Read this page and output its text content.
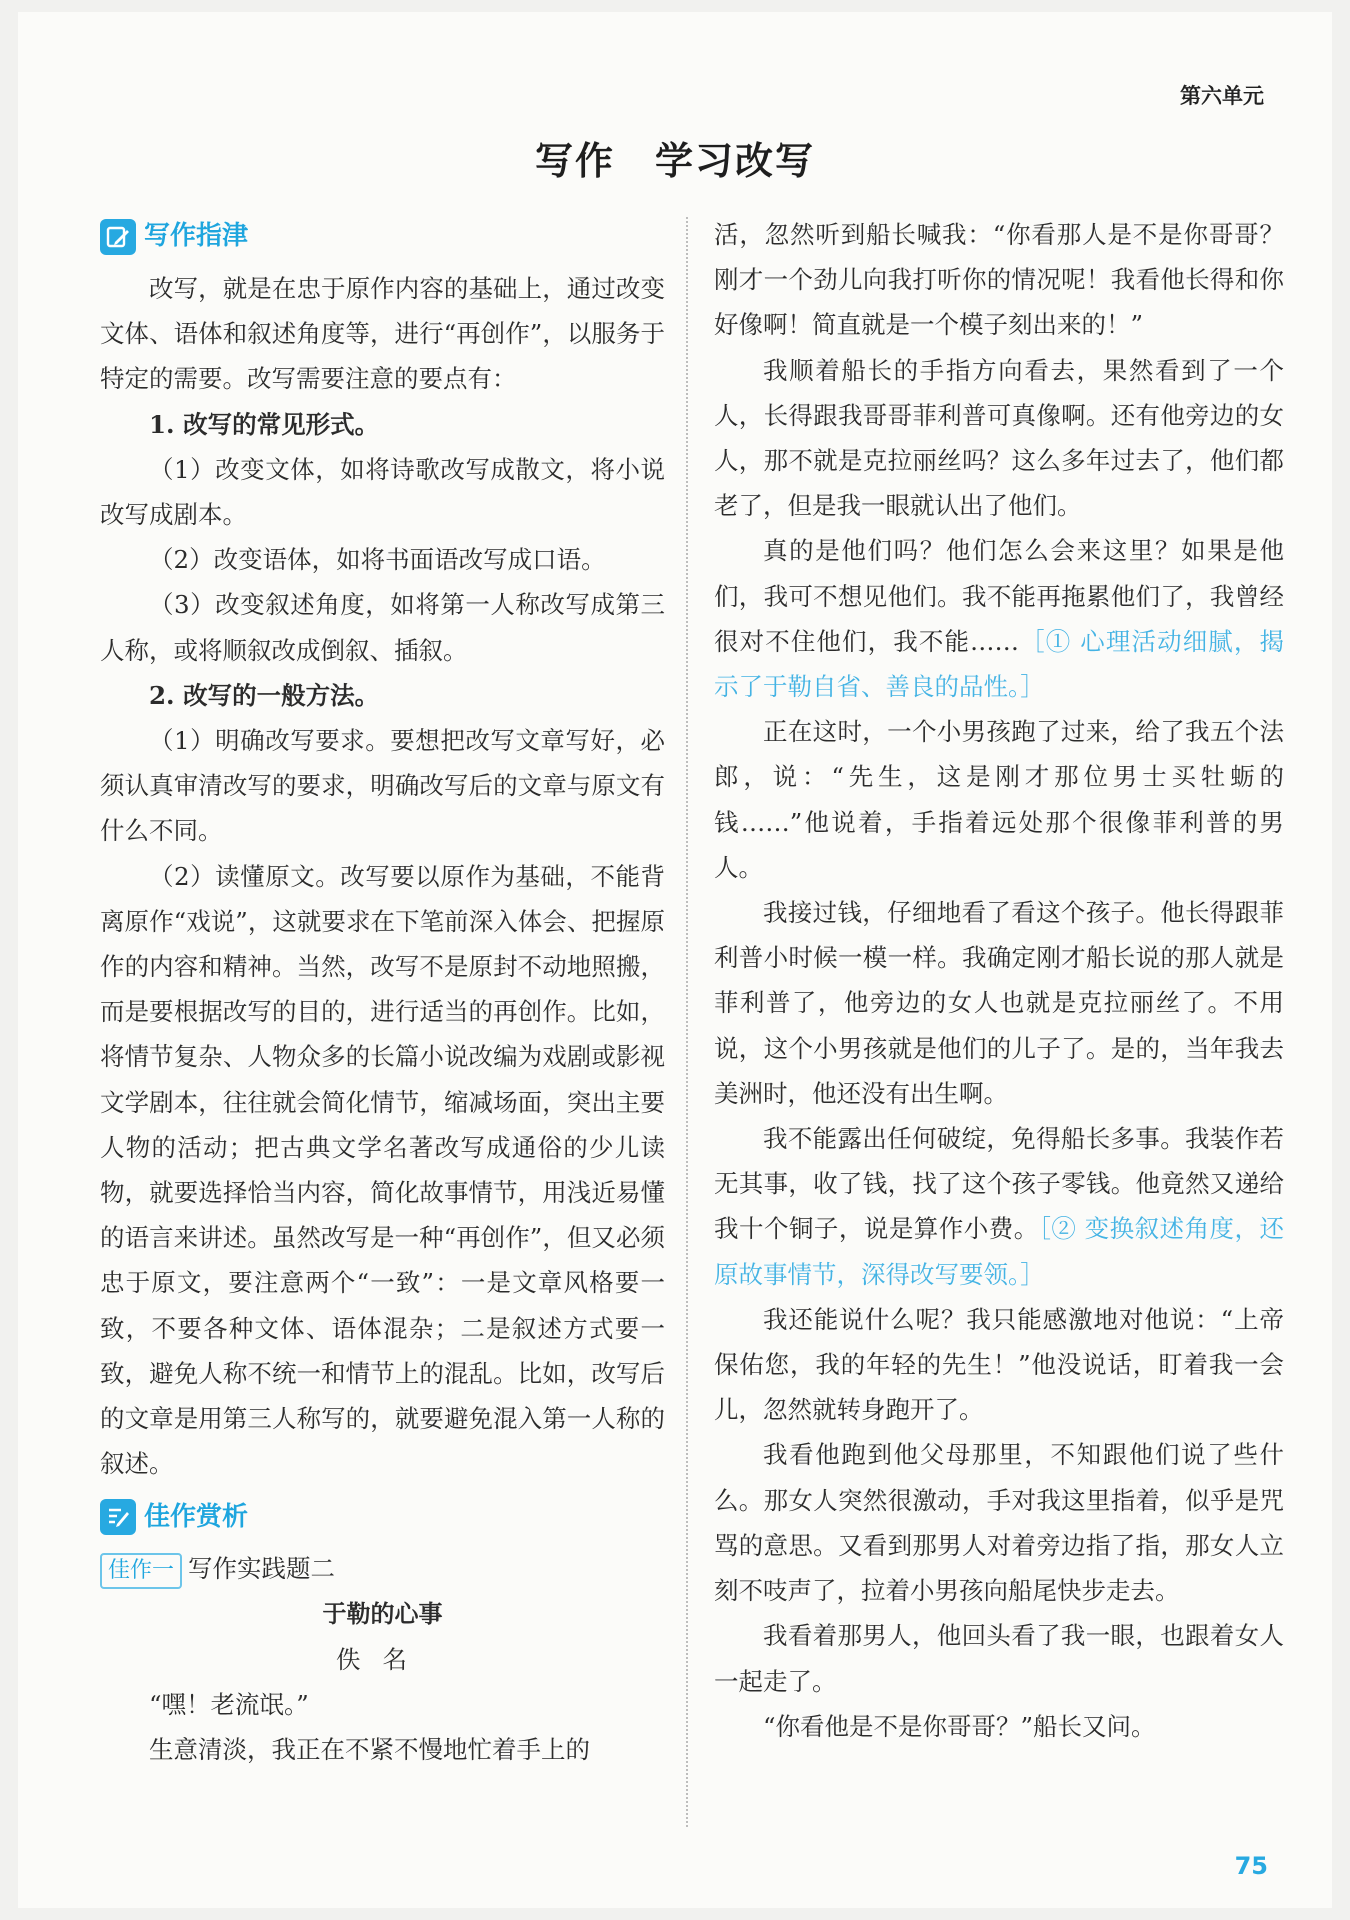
第六单元
写作　学习改写
写作指津

改写，就是在忠于原作内容的基础上，通过改变文体、语体和叙述角度等，进行“再创作”，以服务于特定的需要。改写需要注意的要点有：

1. 改写的常见形式。

（1）改变文体，如将诗歌改写成散文，将小说改写成剧本。

（2）改变语体，如将书面语改写成口语。

（3）改变叙述角度，如将第一人称改写成第三人称，或将顺叙改成倒叙、插叙。

2. 改写的一般方法。

（1）明确改写要求。要想把改写文章写好，必须认真审清改写的要求，明确改写后的文章与原文有什么不同。

（2）读懂原文。改写要以原作为基础，不能背离原作“戏说”，这就要求在下笔前深入体会、把握原作的内容和精神。当然，改写不是原封不动地照搬，而是要根据改写的目的，进行适当的再创作。比如，将情节复杂、人物众多的长篇小说改编为戏剧或影视文学剧本，往往就会简化情节，缩减场面，突出主要人物的活动；把古典文学名著改写成通俗的少儿读物，就要选择恰当内容，简化故事情节，用浅近易懂的语言来讲述。虽然改写是一种“再创作”，但又必须忠于原文，要注意两个“一致”：一是文章风格要一致，不要各种文体、语体混杂；二是叙述方式要一致，避免人称不统一和情节上的混乱。比如，改写后的文章是用第三人称写的，就要避免混入第一人称的叙述。

佳作赏析

佳作一 写作实践题二

于勒的心事

佚名

“嘿！老流氓。”

生意清淡，我正在不紧不慢地忙着手上的

活，忽然听到船长喊我：“你看那人是不是你哥哥？刚才一个劲儿向我打听你的情况呢！我看他长得和你好像啊！简直就是一个模子刻出来的！”

我顺着船长的手指方向看去，果然看到了一个人，长得跟我哥哥菲利普可真像啊。还有他旁边的女人，那不就是克拉丽丝吗？这么多年过去了，他们都老了，但是我一眼就认出了他们。

真的是他们吗？他们怎么会来这里？如果是他们，我可不想见他们。我不能再拖累他们了，我曾经很对不住他们，我不能……［① 心理活动细腻，揭示了于勒自省、善良的品性。］

正在这时，一个小男孩跑了过来，给了我五个法郎，说：“先生，这是刚才那位男士买牡蛎的钱……”他说着，手指着远处那个很像菲利普的男人。

我接过钱，仔细地看了看这个孩子。他长得跟菲利普小时候一模一样。我确定刚才船长说的那人就是菲利普了，他旁边的女人也就是克拉丽丝了。不用说，这个小男孩就是他们的儿子了。是的，当年我去美洲时，他还没有出生啊。

我不能露出任何破绽，免得船长多事。我装作若无其事，收了钱，找了这个孩子零钱。他竟然又递给我十个铜子，说是算作小费。［② 变换叙述角度，还原故事情节，深得改写要领。］

我还能说什么呢？我只能感激地对他说：“上帝保佑您，我的年轻的先生！”他没说话，盯着我一会儿，忽然就转身跑开了。

我看他跑到他父母那里，不知跟他们说了些什么。那女人突然很激动，手对我这里指着，似乎是咒骂的意思。又看到那男人对着旁边指了指，那女人立刻不吱声了，拉着小男孩向船尾快步走去。

我看着那男人，他回头看了我一眼，也跟着女人一起走了。

“你看他是不是你哥哥？”船长又问。

75
